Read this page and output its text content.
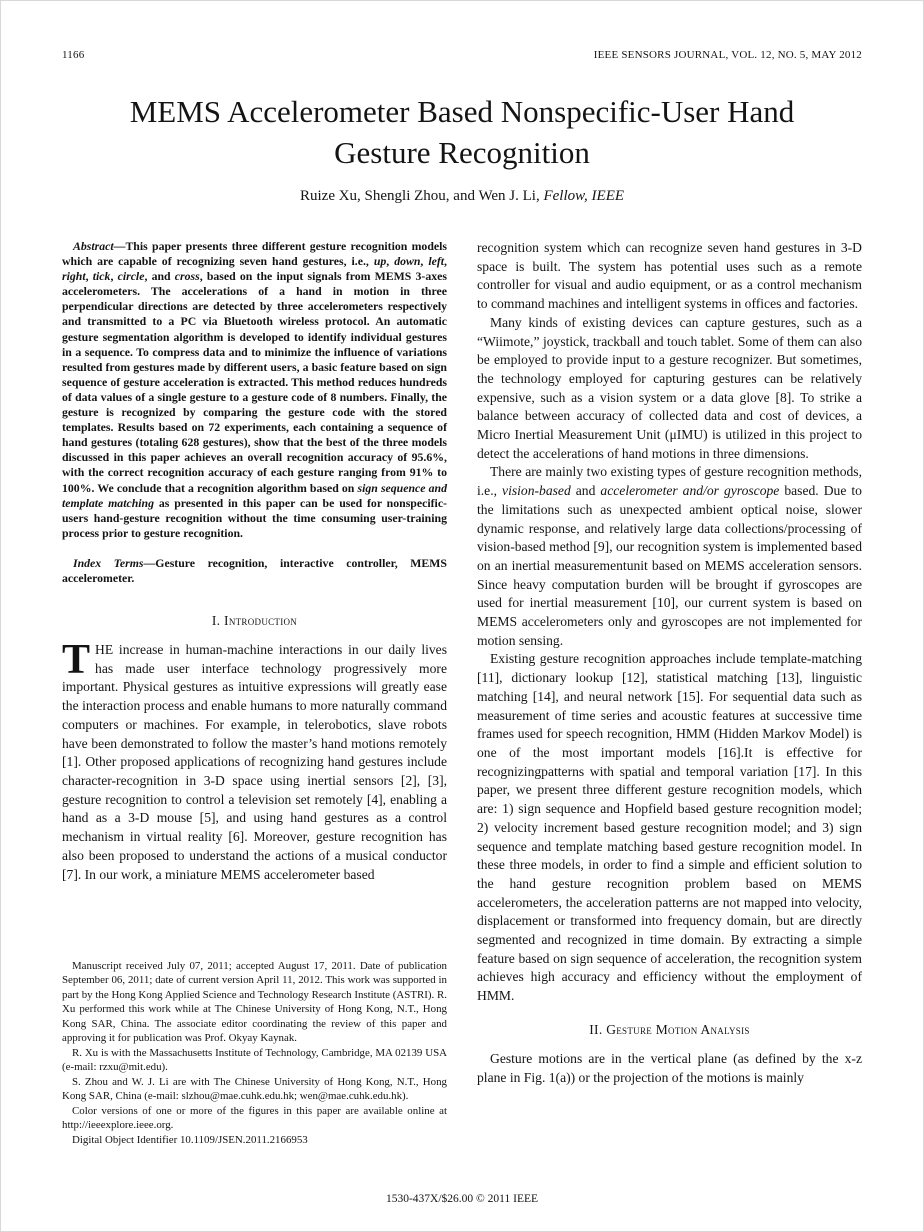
1166	IEEE SENSORS JOURNAL, VOL. 12, NO. 5, MAY 2012
MEMS Accelerometer Based Nonspecific-User Hand Gesture Recognition
Ruize Xu, Shengli Zhou, and Wen J. Li, Fellow, IEEE

Abstract—This paper presents three different gesture recognition models which are capable of recognizing seven hand gestures, i.e., up, down, left, right, tick, circle, and cross, based on the input signals from MEMS 3-axes accelerometers. The accelerations of a hand in motion in three perpendicular directions are detected by three accelerometers respectively and transmitted to a PC via Bluetooth wireless protocol. An automatic gesture segmentation algorithm is developed to identify individual gestures in a sequence. To compress data and to minimize the influence of variations resulted from gestures made by different users, a basic feature based on sign sequence of gesture acceleration is extracted. This method reduces hundreds of data values of a single gesture to a gesture code of 8 numbers. Finally, the gesture is recognized by comparing the gesture code with the stored templates. Results based on 72 experiments, each containing a sequence of hand gestures (totaling 628 gestures), show that the best of the three models discussed in this paper achieves an overall recognition accuracy of 95.6%, with the correct recognition accuracy of each gesture ranging from 91% to 100%. We conclude that a recognition algorithm based on sign sequence and template matching as presented in this paper can be used for nonspecific-users hand-gesture recognition without the time consuming user-training process prior to gesture recognition.

Index Terms—Gesture recognition, interactive controller, MEMS accelerometer.

I. Introduction

THE increase in human-machine interactions in our daily lives has made user interface technology progressively more important. Physical gestures as intuitive expressions will greatly ease the interaction process and enable humans to more naturally command computers or machines. For example, in telerobotics, slave robots have been demonstrated to follow the master’s hand motions remotely [1]. Other proposed applications of recognizing hand gestures include character-recognition in 3-D space using inertial sensors [2], [3], gesture recognition to control a television set remotely [4], enabling a hand as a 3-D mouse [5], and using hand gestures as a control mechanism in virtual reality [6]. Moreover, gesture recognition has also been proposed to understand the actions of a musical conductor [7]. In our work, a miniature MEMS accelerometer based

Manuscript received July 07, 2011; accepted August 17, 2011. Date of publication September 06, 2011; date of current version April 11, 2012. This work was supported in part by the Hong Kong Applied Science and Technology Research Institute (ASTRI). R. Xu performed this work while at The Chinese University of Hong Kong, N.T., Hong Kong SAR, China. The associate editor coordinating the review of this paper and approving it for publication was Prof. Okyay Kaynak.

R. Xu is with the Massachusetts Institute of Technology, Cambridge, MA 02139 USA (e-mail: rzxu@mit.edu).

S. Zhou and W. J. Li are with The Chinese University of Hong Kong, N.T., Hong Kong SAR, China (e-mail: slzhou@mae.cuhk.edu.hk; wen@mae.cuhk.edu.hk).

Color versions of one or more of the figures in this paper are available online at http://ieeexplore.ieee.org.

Digital Object Identifier 10.1109/JSEN.2011.2166953

recognition system which can recognize seven hand gestures in 3-D space is built. The system has potential uses such as a remote controller for visual and audio equipment, or as a control mechanism to command machines and intelligent systems in offices and factories.

Many kinds of existing devices can capture gestures, such as a “Wiimote,” joystick, trackball and touch tablet. Some of them can also be employed to provide input to a gesture recognizer. But sometimes, the technology employed for capturing gestures can be relatively expensive, such as a vision system or a data glove [8]. To strike a balance between accuracy of collected data and cost of devices, a Micro Inertial Measurement Unit (μIMU) is utilized in this project to detect the accelerations of hand motions in three dimensions.

There are mainly two existing types of gesture recognition methods, i.e., vision-based and accelerometer and/or gyroscope based. Due to the limitations such as unexpected ambient optical noise, slower dynamic response, and relatively large data collections/processing of vision-based method [9], our recognition system is implemented based on an inertial measurementunit based on MEMS acceleration sensors. Since heavy computation burden will be brought if gyroscopes are used for inertial measurement [10], our current system is based on MEMS accelerometers only and gyroscopes are not implemented for motion sensing.

Existing gesture recognition approaches include template-matching [11], dictionary lookup [12], statistical matching [13], linguistic matching [14], and neural network [15]. For sequential data such as measurement of time series and acoustic features at successive time frames used for speech recognition, HMM (Hidden Markov Model) is one of the most important models [16].It is effective for recognizingpatterns with spatial and temporal variation [17]. In this paper, we present three different gesture recognition models, which are: 1) sign sequence and Hopfield based gesture recognition model; 2) velocity increment based gesture recognition model; and 3) sign sequence and template matching based gesture recognition model. In these three models, in order to find a simple and efficient solution to the hand gesture recognition problem based on MEMS accelerometers, the acceleration patterns are not mapped into velocity, displacement or transformed into frequency domain, but are directly segmented and recognized in time domain. By extracting a simple feature based on sign sequence of acceleration, the recognition system achieves high accuracy and efficiency without the employment of HMM.

II. Gesture Motion Analysis

Gesture motions are in the vertical plane (as defined by the x-z plane in Fig. 1(a)) or the projection of the motions is mainly

1530-437X/$26.00 © 2011 IEEE
